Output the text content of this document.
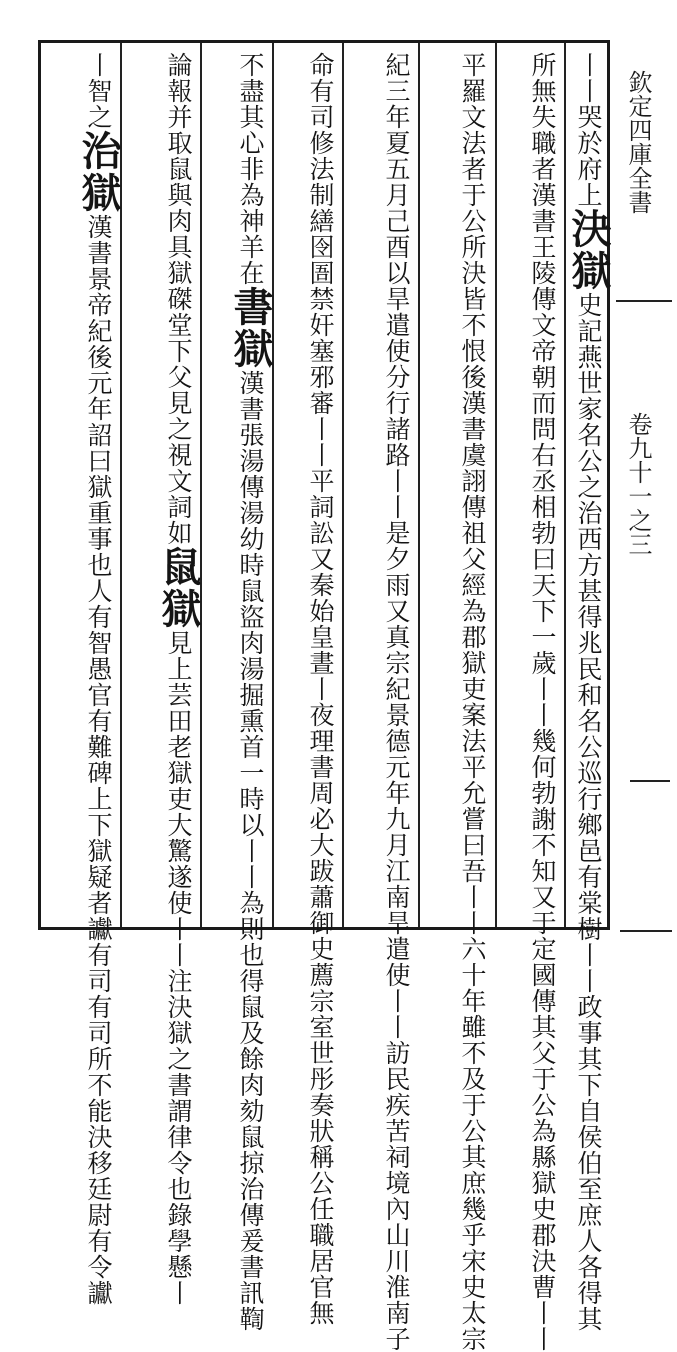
欽定四庫全書
卷九十一之三
丨丨哭於府上決獄史記燕世家名公之治西方甚得兆民和名公巡行鄉邑有棠樹丨丨政事其下自侯伯至庶人各得其
所無失職者漢書王陵傳文帝朝而問右丞相勃曰天下一歲丨丨幾何勃謝不知又于定國傳其父于公為縣獄史郡決曹丨丨
平羅文法者于公所決皆不恨後漢書虞詡傳祖父經為郡獄吏案法平允嘗曰吾丨丨六十年雖不及于公其庶幾乎宋史太宗
紀三年夏五月己酉以旱遣使分行諸路丨丨是夕雨又真宗紀景德元年九月江南旱遣使丨丨訪民疾苦祠境內山川淮南子
命有司修法制繕囹圄禁奸塞邪審丨丨平詞訟又秦始皇晝丨夜理書周必大跋蕭御史薦宗室世彤奏狀稱公任職居官無
不盡其心非為神羊在書獄漢書張湯傳湯幼時鼠盜肉湯掘熏首一時以丨丨為則也得鼠及餘肉劾鼠掠治傳爰書訊鞫
論報并取鼠與肉具獄磔堂下父見之視文詞如鼠獄見上芸田老獄吏大驚遂使丨丨注決獄之書謂律令也錄學懸丨
丨智之治獄漢書景帝紀後元年詔曰獄重事也人有智愚官有難碑上下獄疑者讞有司有司所不能決移廷尉有令讞
